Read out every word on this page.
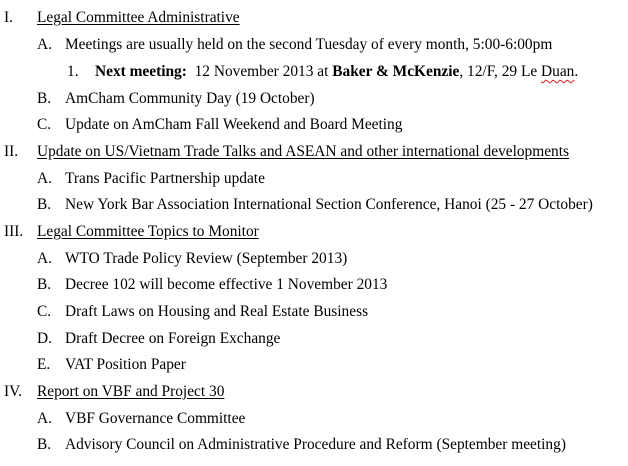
I. Legal Committee Administrative
A. Meetings are usually held on the second Tuesday of every month, 5:00-6:00pm
1. Next meeting: 12 November 2013 at Baker & McKenzie, 12/F, 29 Le Duan.
B. AmCham Community Day (19 October)
C. Update on AmCham Fall Weekend and Board Meeting
II. Update on US/Vietnam Trade Talks and ASEAN and other international developments
A. Trans Pacific Partnership update
B. New York Bar Association International Section Conference, Hanoi (25 - 27 October)
III. Legal Committee Topics to Monitor
A. WTO Trade Policy Review (September 2013)
B. Decree 102 will become effective 1 November 2013
C. Draft Laws on Housing and Real Estate Business
D. Draft Decree on Foreign Exchange
E. VAT Position Paper
IV. Report on VBF and Project 30
A. VBF Governance Committee
B. Advisory Council on Administrative Procedure and Reform (September meeting)
